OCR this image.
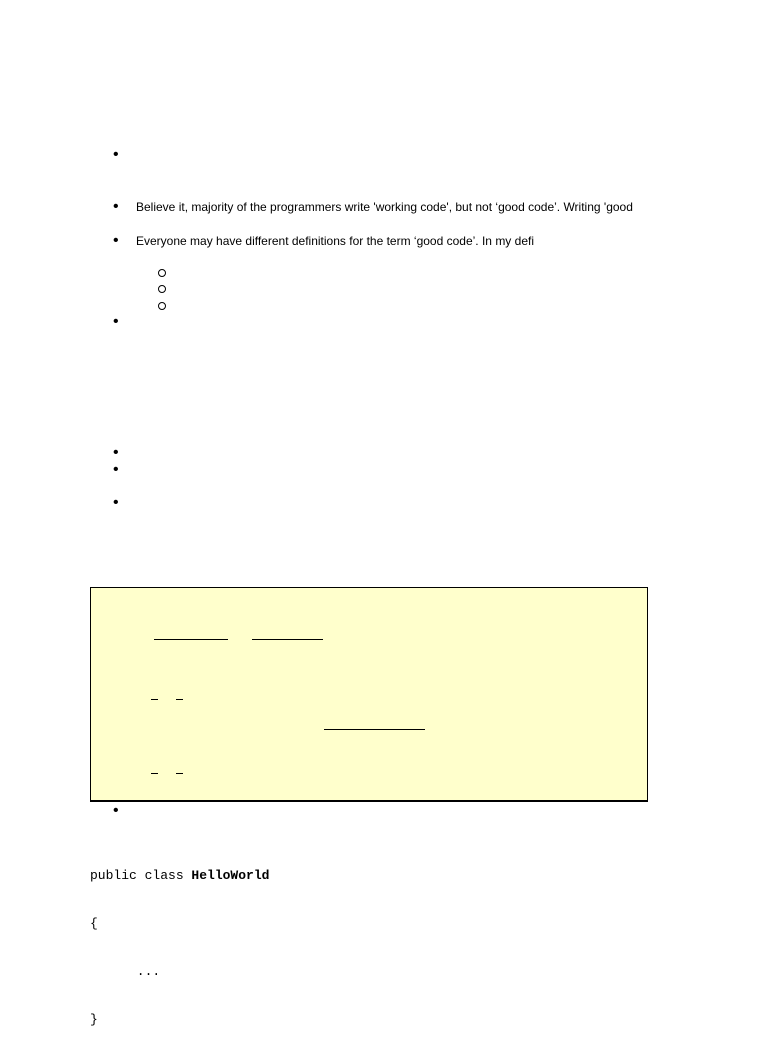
•
•
Believe it, majority of the programmers write 'working code', but not ‘good code’. Writing 'good
•
Everyone may have different definitions for the term ‘good code’. In my defi
•
•
•
•
•

public class HelloWorld

{

...

}
